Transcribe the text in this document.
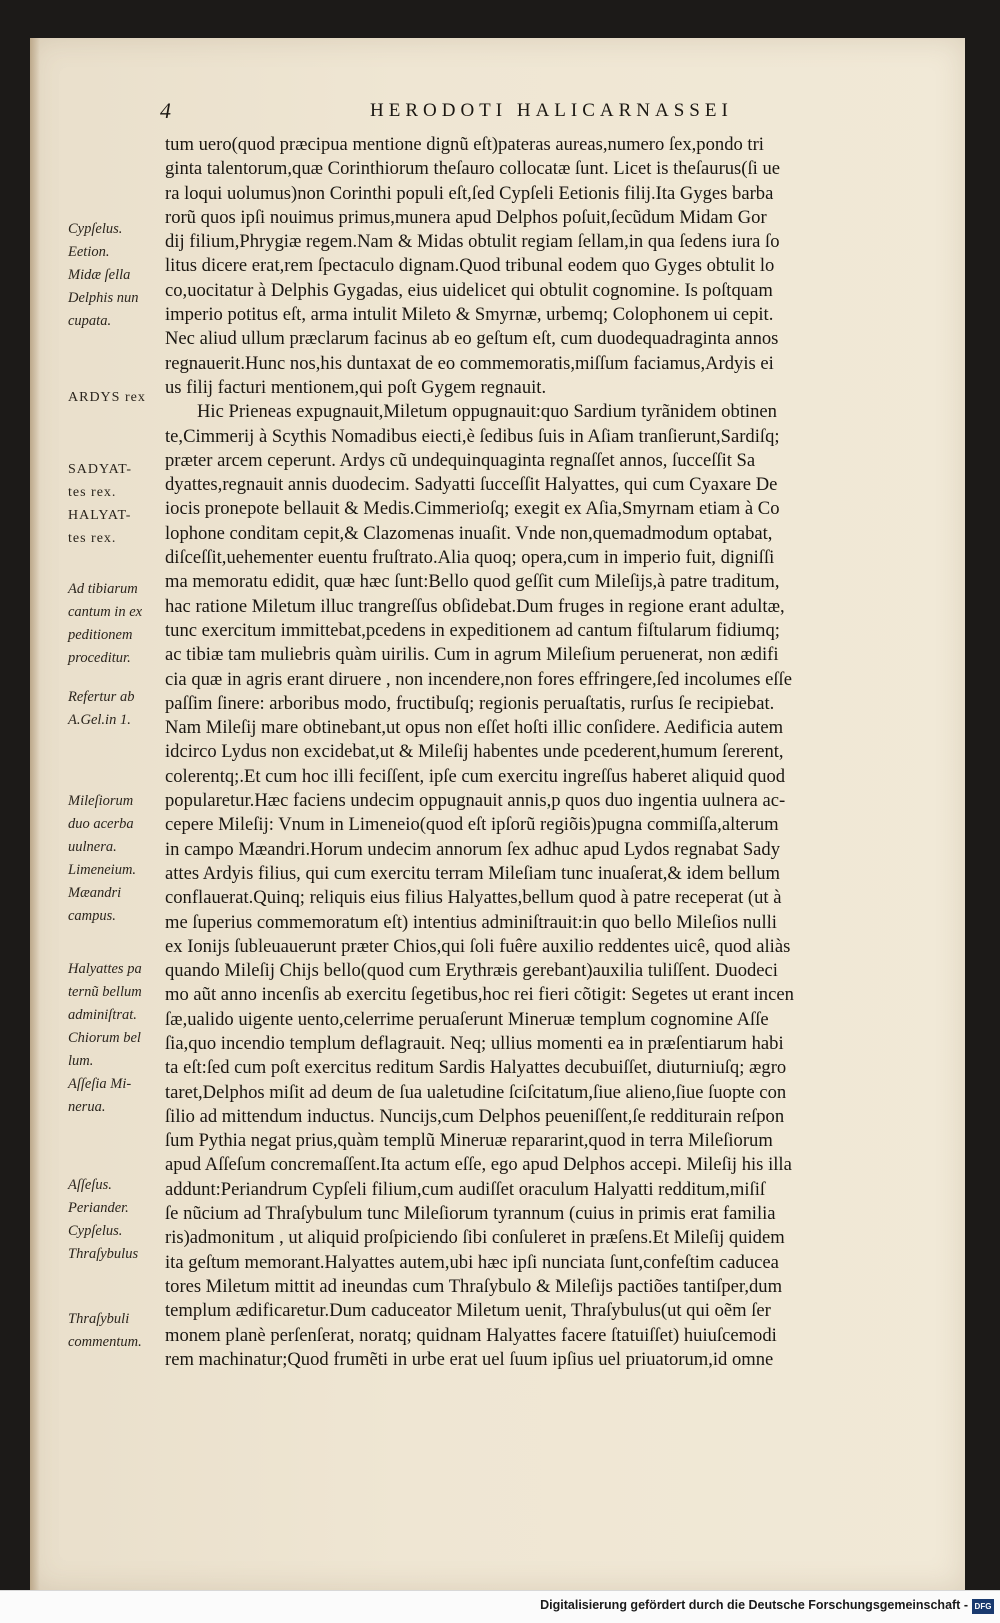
4	HERODOTI HALICARNASSEI
Cypſelus.
Eetion.
Midæ ſella
Delphis nun
cupata.
ARDYS rex
SADYAT-
tes rex.
HALYAT-
tes rex.
Ad tibiarum
cantum in ex
peditionem
proceditur.
Refertur ab
A.Gel.in 1.
Mileſiorum
duo acerba
uulnera.
Limeneium.
Mæandri
campus.
Halyattes pa
ternũ bellum
adminiſtrat.
Chiorum bel
lum.
Aſſeſia Mi-
nerua.
Aſſeſus.
Periander.
Cypſelus.
Thraſybulus
Thraſybuli
commentum.
tum uero(quod præcipua mentione dignũ eſt)pateras aureas,numero ſex,pondo tri
ginta talentorum,quæ Corinthiorum theſauro collocatæ ſunt. Licet is theſaurus(ſi ue
ra loqui uolumus)non Corinthi populi eſt,ſed Cypſeli Eetionis filij.Ita Gyges barba
rorũ quos ipſi nouimus primus,munera apud Delphos poſuit,ſecũdum Midam Gor
dij filium,Phrygiæ regem.Nam & Midas obtulit regiam ſellam,in qua ſedens iura ſo
litus dicere erat,rem ſpectaculo dignam.Quod tribunal eodem quo Gyges obtulit lo
co,uocitatur à Delphis Gygadas, eius uidelicet qui obtulit cognomine. Is poſtquam
imperio potitus eſt, arma intulit Mileto & Smyrnæ, urbemq; Colophonem ui cepit.
Nec aliud ullum præclarum facinus ab eo geſtum eſt, cum duodequadraginta annos
regnauerit.Hunc nos,his duntaxat de eo commemoratis,miſſum faciamus,Ardyis ei
us filij facturi mentionem,qui poſt Gygem regnauit.
Hic Prieneas expugnauit,Miletum oppugnauit:quo Sardium tyrãnidem obtinen
te,Cimmerij à Scythis Nomadibus eiecti,è ſedibus ſuis in Aſiam tranſierunt,Sardiſq;
præter arcem ceperunt. Ardys cũ undequinquaginta regnaſſet annos, ſucceſſit Sa
dyattes,regnauit annis duodecim. Sadyatti ſucceſſit Halyattes, qui cum Cyaxare De
iocis pronepote bellauit & Medis.Cimmerioſq; exegit ex Aſia,Smyrnam etiam à Co
lophone conditam cepit,& Clazomenas inuaſit. Vnde non,quemadmodum optabat,
diſceſſit,uehementer euentu fruſtrato.Alia quoq; opera,cum in imperio fuit, digniſſi
ma memoratu edidit, quæ hæc ſunt:Bello quod geſſit cum Mileſijs,à patre traditum,
hac ratione Miletum illuc trangreſſus obſidebat.Dum fruges in regione erant adultæ,
tunc exercitum immittebat,pcedens in expeditionem ad cantum fiſtularum fidiumq;
ac tibiæ tam muliebris quàm uirilis. Cum in agrum Mileſium peruenerat, non ædifi
cia quæ in agris erant diruere , non incendere,non fores effringere,ſed incolumes eſſe
paſſim ſinere: arboribus modo, fructibuſq; regionis peruaſtatis, rurſus ſe recipiebat.
Nam Mileſij mare obtinebant,ut opus non eſſet hoſti illic conſidere. Aedificia autem
idcirco Lydus non excidebat,ut & Mileſij habentes unde pcederent,humum ſererent,
colerentq;.Et cum hoc illi feciſſent, ipſe cum exercitu ingreſſus haberet aliquid quod
popularetur.Hæc faciens undecim oppugnauit annis,p quos duo ingentia uulnera ac-
cepere Mileſij: Vnum in Limeneio(quod eſt ipſorũ regiõis)pugna commiſſa,alterum
in campo Mæandri.Horum undecim annorum ſex adhuc apud Lydos regnabat Sady
attes Ardyis filius, qui cum exercitu terram Mileſiam tunc inuaſerat,& idem bellum
conflauerat.Quinq; reliquis eius filius Halyattes,bellum quod à patre receperat (ut à
me ſuperius commemoratum eſt) intentius adminiſtrauit:in quo bello Mileſios nulli
ex Ionijs ſubleuauerunt præter Chios,qui ſoli fuêre auxilio reddentes uicê, quod aliàs
quando Mileſij Chijs bello(quod cum Erythræis gerebant)auxilia tuliſſent. Duodeci
mo aũt anno incenſis ab exercitu ſegetibus,hoc rei fieri cõtigit: Segetes ut erant incen
ſæ,ualido uigente uento,celerrime peruaſerunt Mineruæ templum cognomine Aſſe
ſia,quo incendio templum deflagrauit. Neq; ullius momenti ea in præſentiarum habi
ta eſt:ſed cum poſt exercitus reditum Sardis Halyattes decubuiſſet, diuturniuſq; ægro
taret,Delphos miſit ad deum de ſua ualetudine ſciſcitatum,ſiue alieno,ſiue ſuopte con
ſilio ad mittendum inductus. Nuncijs,cum Delphos peueniſſent,ſe redditurain reſpon
ſum Pythia negat prius,quàm templũ Mineruæ repararint,quod in terra Mileſiorum
apud Aſſeſum concremaſſent.Ita actum eſſe, ego apud Delphos accepi. Mileſij his illa
addunt:Periandrum Cypſeli filium,cum audiſſet oraculum Halyatti redditum,miſiſ
ſe nũcium ad Thraſybulum tunc Mileſiorum tyrannum (cuius in primis erat familia
ris)admonitum , ut aliquid proſpiciendo ſibi conſuleret in præſens.Et Mileſij quidem
ita geſtum memorant.Halyattes autem,ubi hæc ipſi nunciata ſunt,confeſtim caducea
tores Miletum mittit ad ineundas cum Thraſybulo & Mileſijs pactiões tantiſper,dum
templum ædificaretur.Dum caduceator Miletum uenit, Thraſybulus(ut qui oẽm ſer
monem planè perſenſerat, noratq; quidnam Halyattes facere ſtatuiſſet) huiuſcemodi
rem machinatur;Quod frumẽti in urbe erat uel ſuum ipſius uel priuatorum,id omne
Digitalisierung gefördert durch die Deutsche Forschungsgemeinschaft - DFG
